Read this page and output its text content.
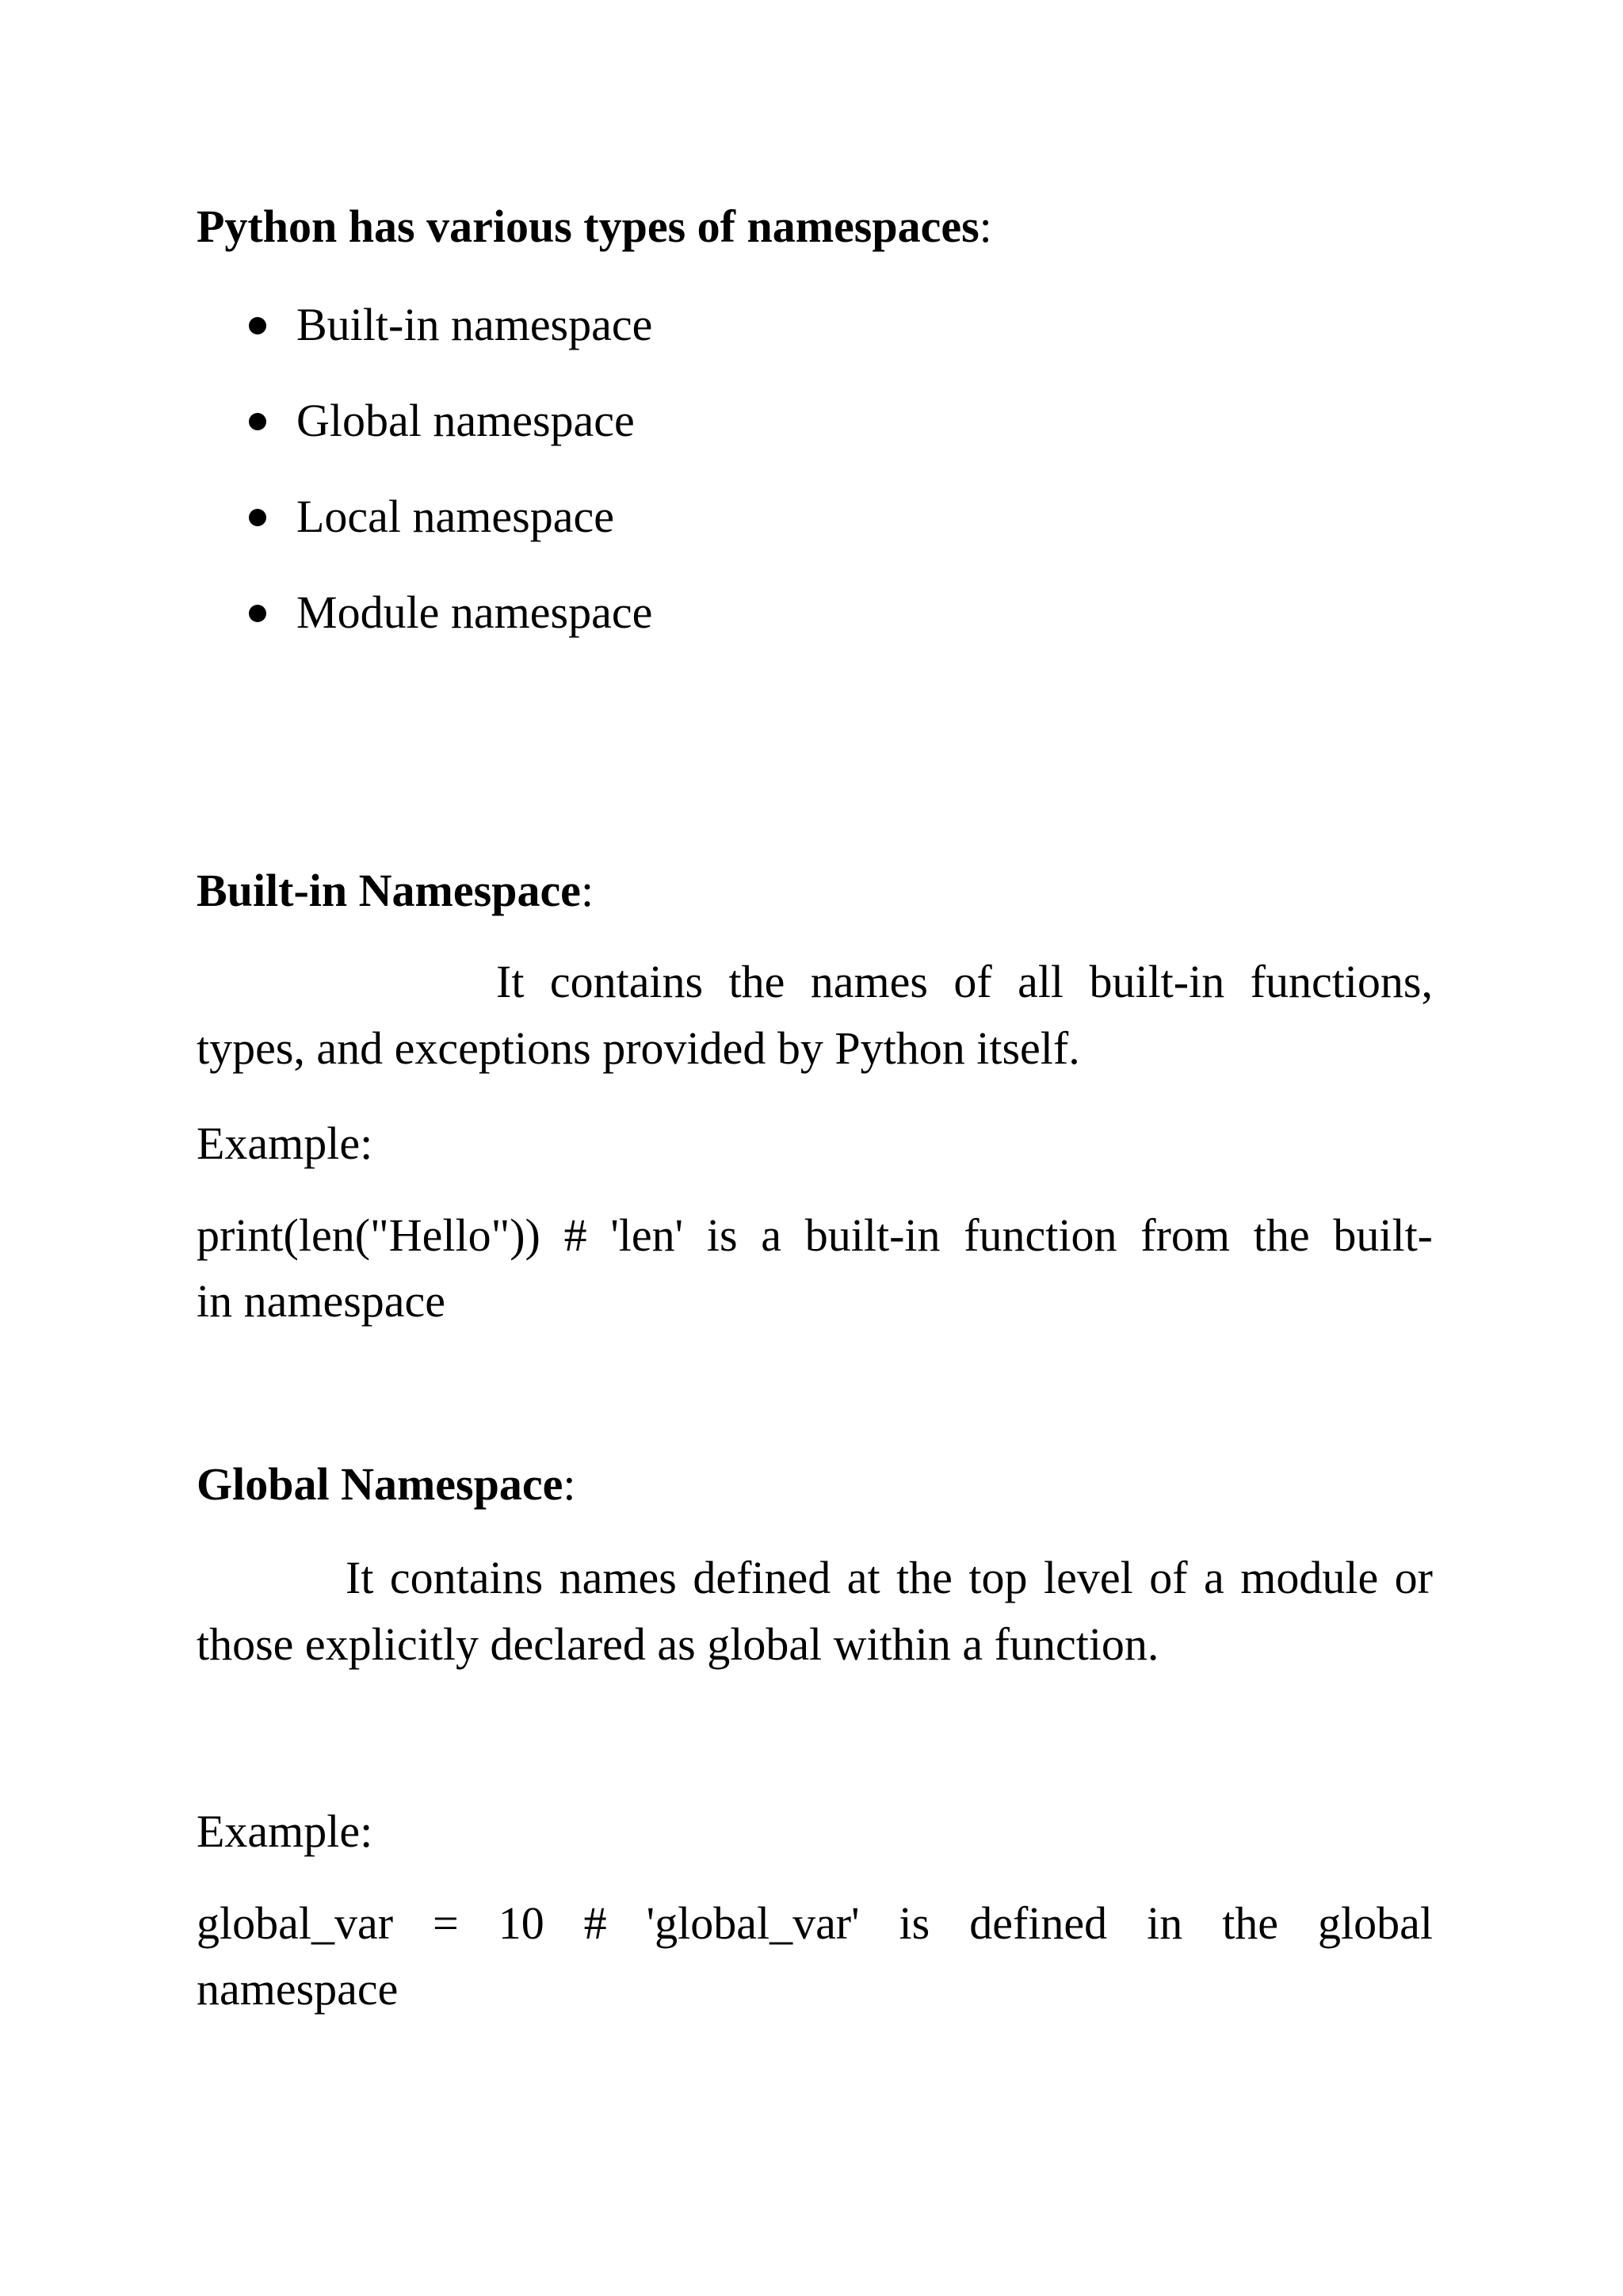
Python has various types of namespaces:
Built-in namespace
Global namespace
Local namespace
Module namespace
Built-in Namespace:

It contains the names of all built-in functions, types, and exceptions provided by Python itself.

Example:

print(len("Hello")) # 'len' is a built-in function from the built-

in namespace

Global Namespace:

It contains names defined at the top level of a module or those explicitly declared as global within a function.

Example:

global_var = 10 # 'global_var' is defined in the global

namespace
